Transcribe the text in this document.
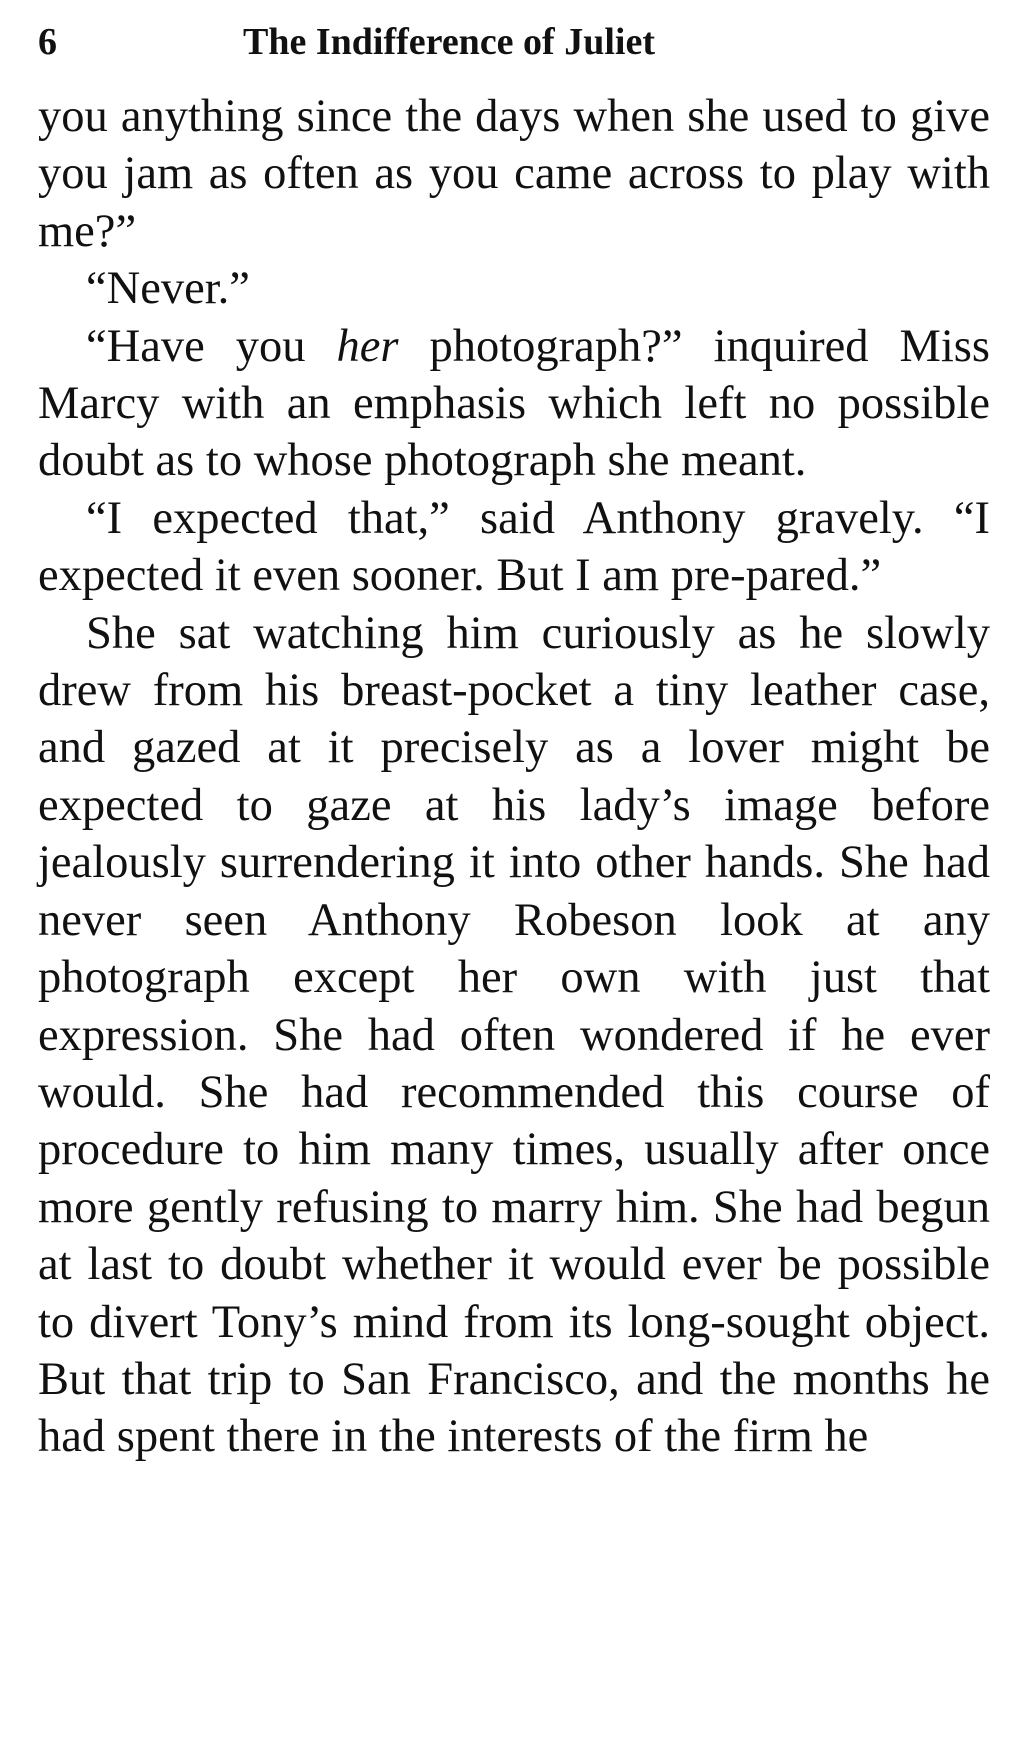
6	The Indifference of Juliet

you anything since the days when she used to give you jam as often as you came across to play with me?”

“Never.”

“Have you her photograph?” inquired Miss Marcy with an emphasis which left no possible doubt as to whose photograph she meant.

“I expected that,” said Anthony gravely. “I expected it even sooner. But I am pre-pared.”

She sat watching him curiously as he slowly drew from his breast-pocket a tiny leather case, and gazed at it precisely as a lover might be expected to gaze at his lady’s image before jealously surrendering it into other hands. She had never seen Anthony Robeson look at any photograph except her own with just that expression. She had often wondered if he ever would. She had recommended this course of procedure to him many times, usually after once more gently refusing to marry him. She had begun at last to doubt whether it would ever be possible to divert Tony’s mind from its long-sought object. But that trip to San Francisco, and the months he had spent there in the interests of the firm he
